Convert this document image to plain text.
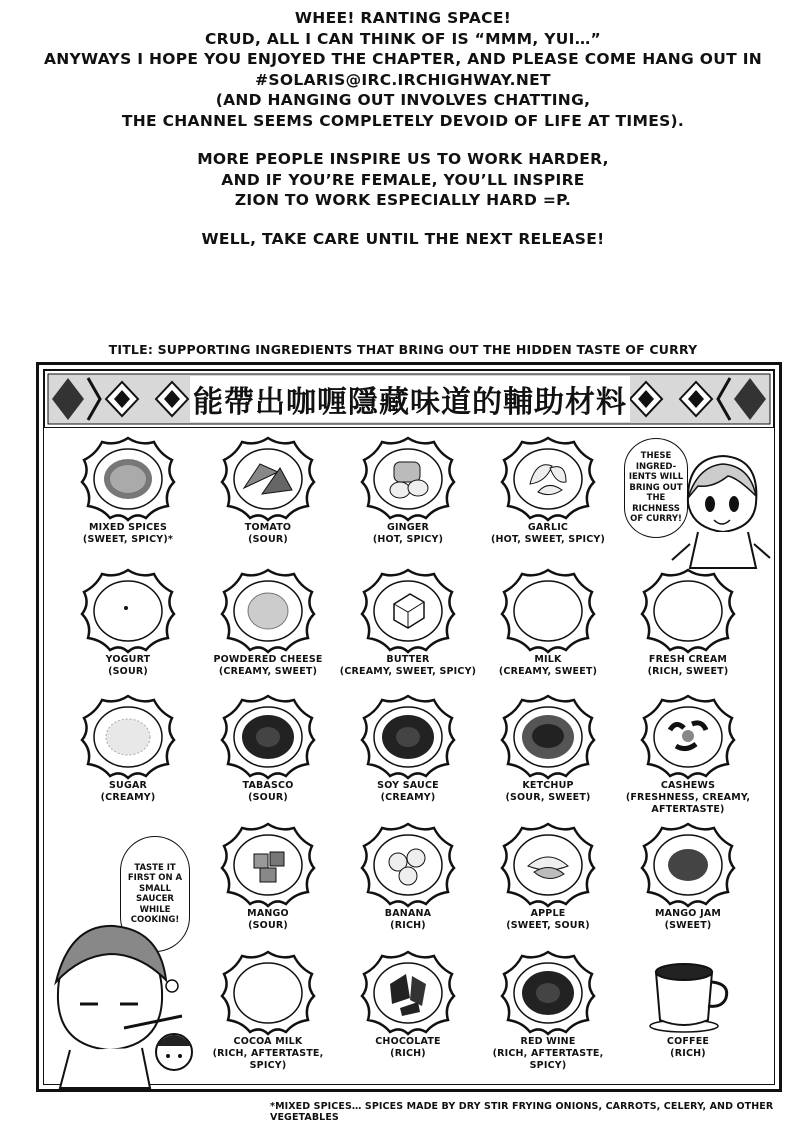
WHEE! RANTING SPACE!
CRUD, ALL I CAN THINK OF IS “MMM, YUI…”
ANYWAYS I HOPE YOU ENJOYED THE CHAPTER, AND PLEASE COME HANG OUT IN
#SOLARIS@IRC.IRCHIGHWAY.NET
(AND HANGING OUT INVOLVES CHATTING,
THE CHANNEL SEEMS COMPLETELY DEVOID OF LIFE AT TIMES).
MORE PEOPLE INSPIRE US TO WORK HARDER,
AND IF YOU’RE FEMALE, YOU’LL INSPIRE
ZION TO WORK ESPECIALLY HARD =P.
WELL, TAKE CARE UNTIL THE NEXT RELEASE!
TITLE: SUPPORTING INGREDIENTS THAT BRING OUT THE HIDDEN TASTE OF CURRY
能帶出咖喱隱藏味道的輔助材料
MIXED SPICES
(SWEET, SPICY)*
TOMATO
(SOUR)
GINGER
(HOT, SPICY)
GARLIC
(HOT, SWEET, SPICY)
YOGURT
(SOUR)
POWDERED CHEESE
(CREAMY, SWEET)
BUTTER
(CREAMY, SWEET, SPICY)
MILK
(CREAMY, SWEET)
FRESH CREAM
(RICH, SWEET)
SUGAR
(CREAMY)
TABASCO
(SOUR)
SOY SAUCE
(CREAMY)
KETCHUP
(SOUR, SWEET)
CASHEWS
(FRESHNESS, CREAMY, AFTERTASTE)
MANGO
(SOUR)
BANANA
(RICH)
APPLE
(SWEET, SOUR)
MANGO JAM
(SWEET)
COCOA MILK
(RICH, AFTERTASTE, SPICY)
CHOCOLATE
(RICH)
RED WINE
(RICH, AFTERTASTE, SPICY)
COFFEE
(RICH)
THESE INGRED-IENTS WILL BRING OUT THE RICHNESS OF CURRY!
TASTE IT FIRST ON A SMALL SAUCER WHILE COOKING!
*MIXED SPICES… SPICES MADE BY DRY STIR FRYING ONIONS, CARROTS, CELERY, AND OTHER VEGETABLES
